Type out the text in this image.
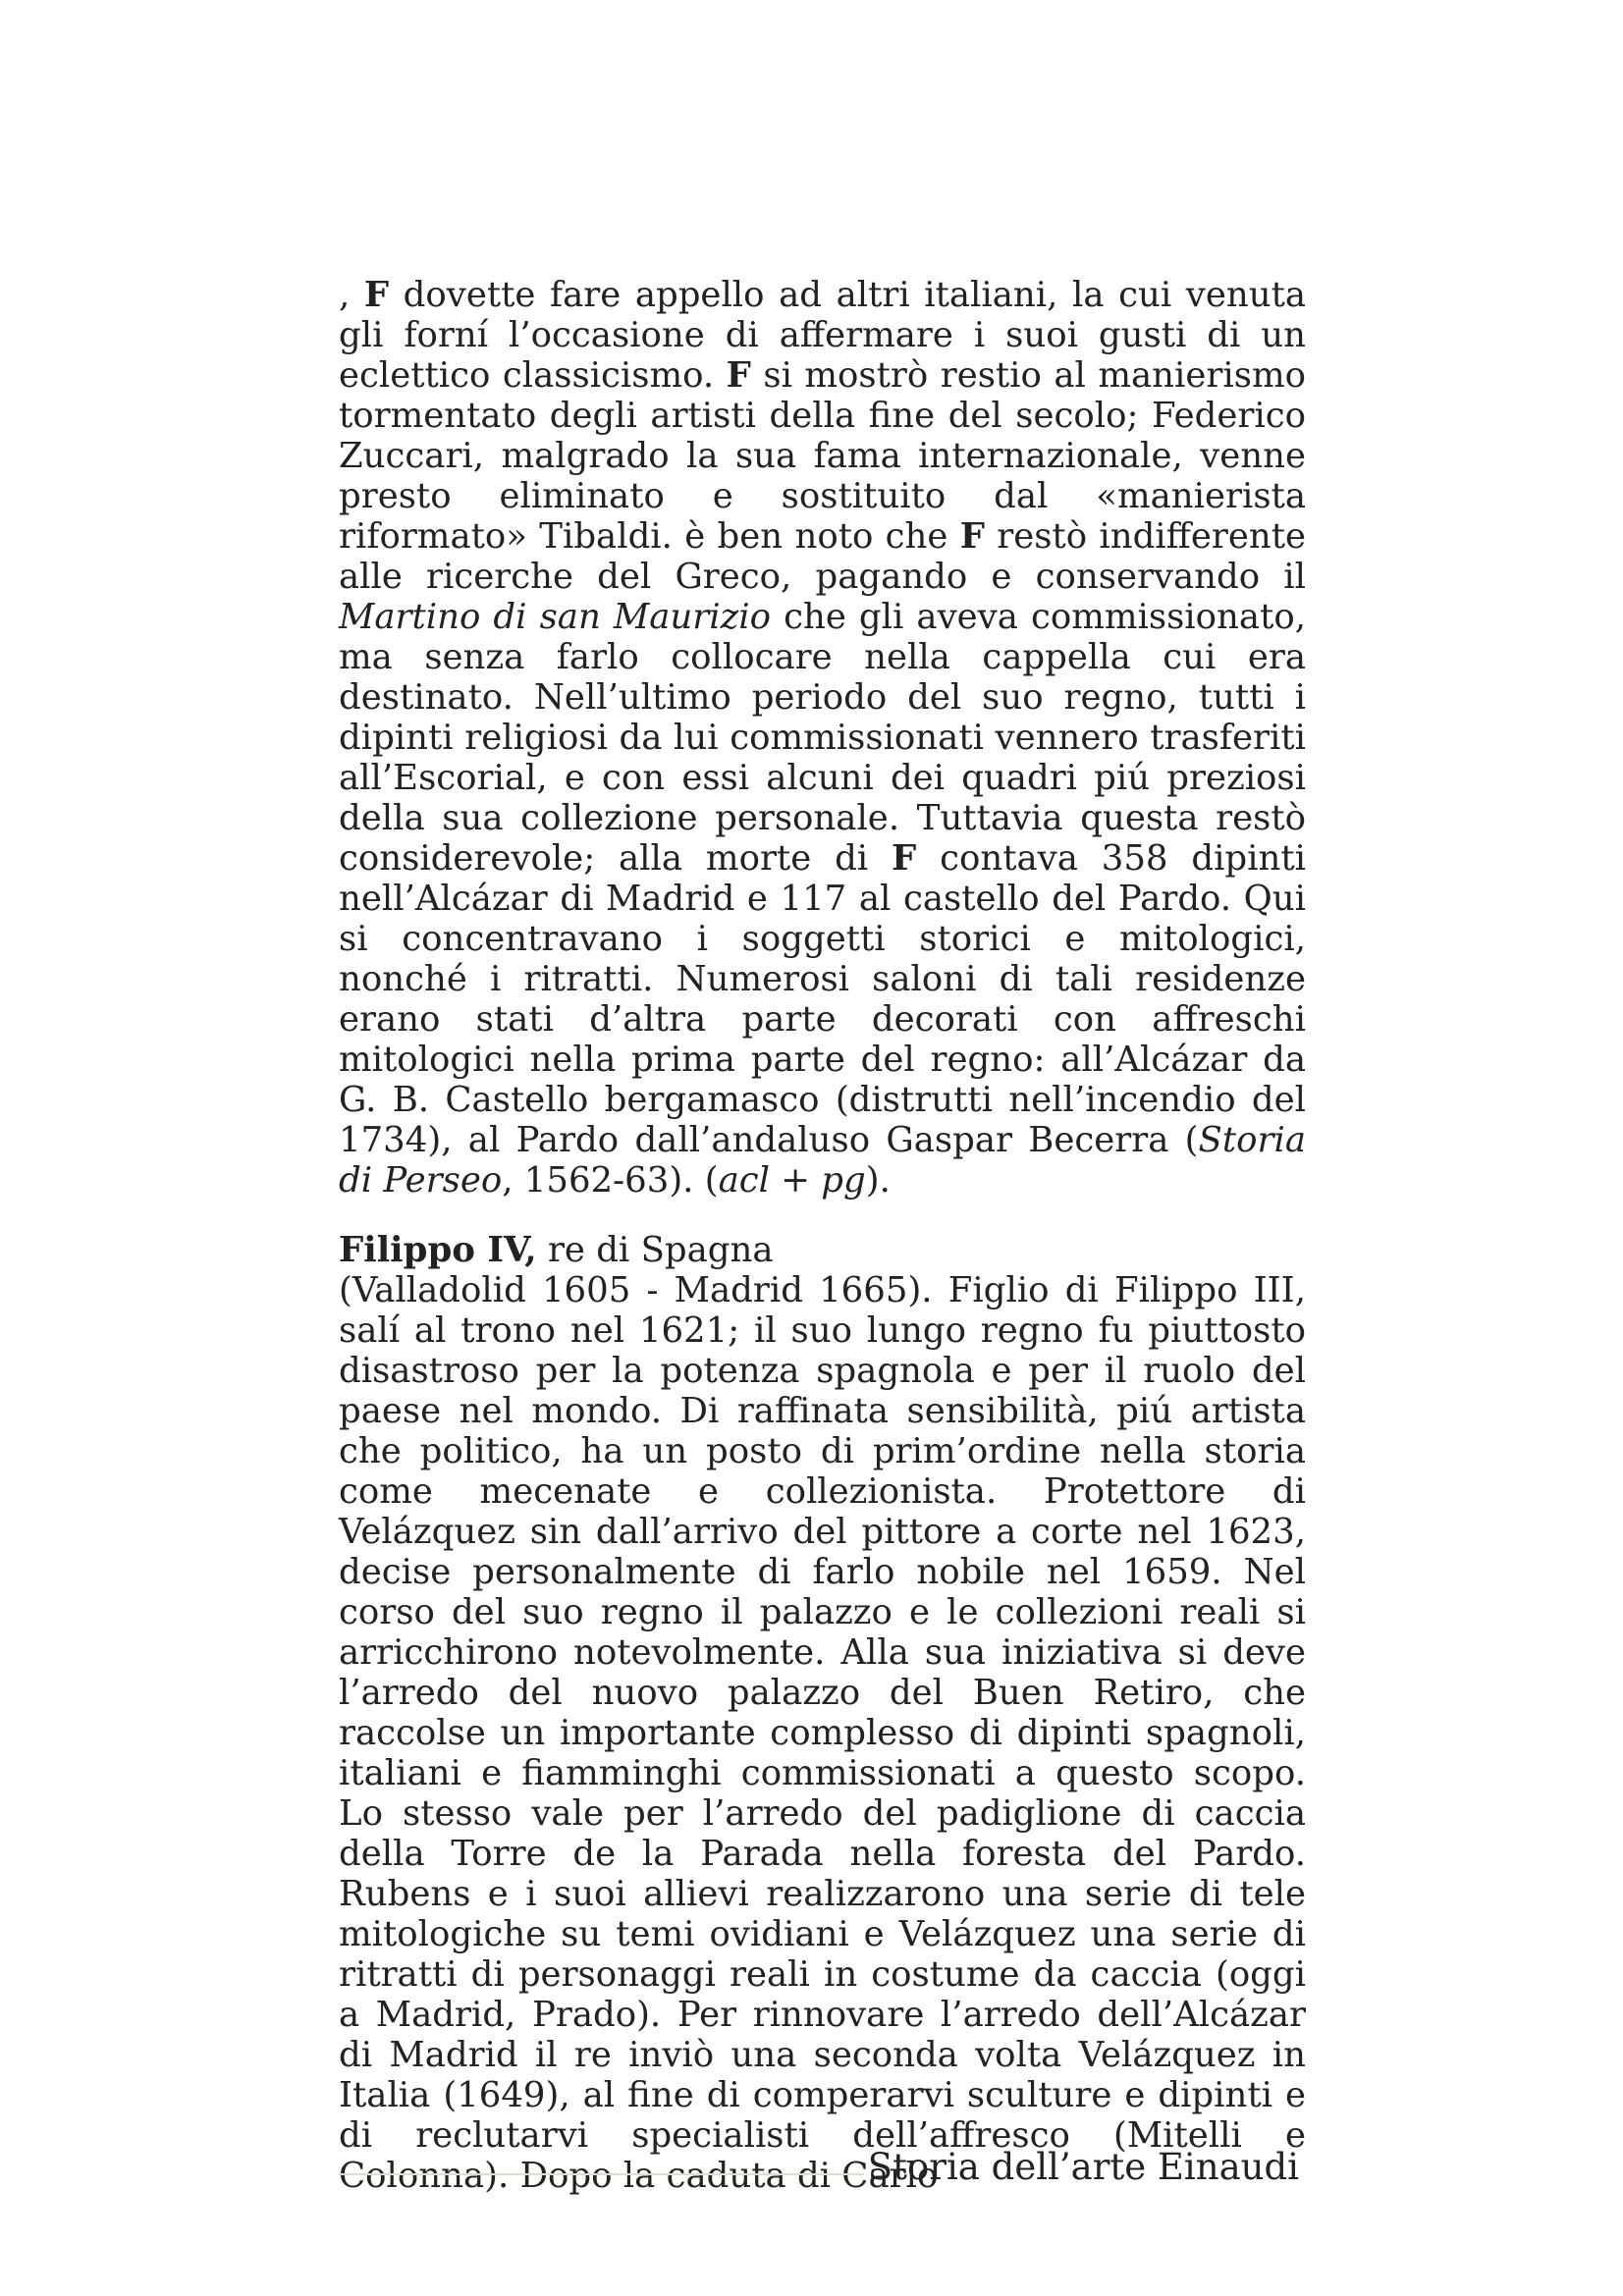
, F dovette fare appello ad altri italiani, la cui venuta gli forní l’occasione di affermare i suoi gusti di un eclettico classicismo. F si mostrò restio al manierismo tormentato degli artisti della fine del secolo; Federico Zuccari, malgrado la sua fama internazionale, venne presto eliminato e sostituito dal «manierista riformato» Tibaldi. è ben noto che F restò indifferente alle ricerche del Greco, pagando e conservando il Martino di san Maurizio che gli aveva commissionato, ma senza farlo collocare nella cappella cui era destinato. Nell’ultimo periodo del suo regno, tutti i dipinti religiosi da lui commissionati vennero trasferiti all’Escorial, e con essi alcuni dei quadri piú preziosi della sua collezione personale. Tuttavia questa restò considerevole; alla morte di F contava 358 dipinti nell’Alcázar di Madrid e 117 al castello del Pardo. Qui si concentravano i soggetti storici e mitologici, nonché i ritratti. Numerosi saloni di tali residenze erano stati d’altra parte decorati con affreschi mitologici nella prima parte del regno: all’Alcázar da G. B. Castello bergamasco (distrutti nell’incendio del 1734), al Pardo dall’andaluso Gaspar Becerra (Storia di Perseo, 1562-63). (acl + pg).

Filippo IV, re di Spagna

(Valladolid 1605 - Madrid 1665). Figlio di Filippo III, salí al trono nel 1621; il suo lungo regno fu piuttosto disastroso per la potenza spagnola e per il ruolo del paese nel mondo. Di raffinata sensibilità, piú artista che politico, ha un posto di prim’ordine nella storia come mecenate e collezionista. Protettore di Velázquez sin dall’arrivo del pittore a corte nel 1623, decise personalmente di farlo nobile nel 1659. Nel corso del suo regno il palazzo e le collezioni reali si arricchirono notevolmente. Alla sua iniziativa si deve l’arredo del nuovo palazzo del Buen Retiro, che raccolse un importante complesso di dipinti spagnoli, italiani e fiamminghi commissionati a questo scopo. Lo stesso vale per l’arredo del padiglione di caccia della Torre de la Parada nella foresta del Pardo. Rubens e i suoi allievi realizzarono una serie di tele mitologiche su temi ovidiani e Velázquez una serie di ritratti di personaggi reali in costume da caccia (oggi a Madrid, Prado). Per rinnovare l’arredo dell’Alcázar di Madrid il re inviò una seconda volta Velázquez in Italia (1649), al fine di comperarvi sculture e dipinti e di reclutarvi specialisti dell’affresco (Mitelli e Colonna). Dopo la caduta di Carlo

Storia dell’arte Einaudi
